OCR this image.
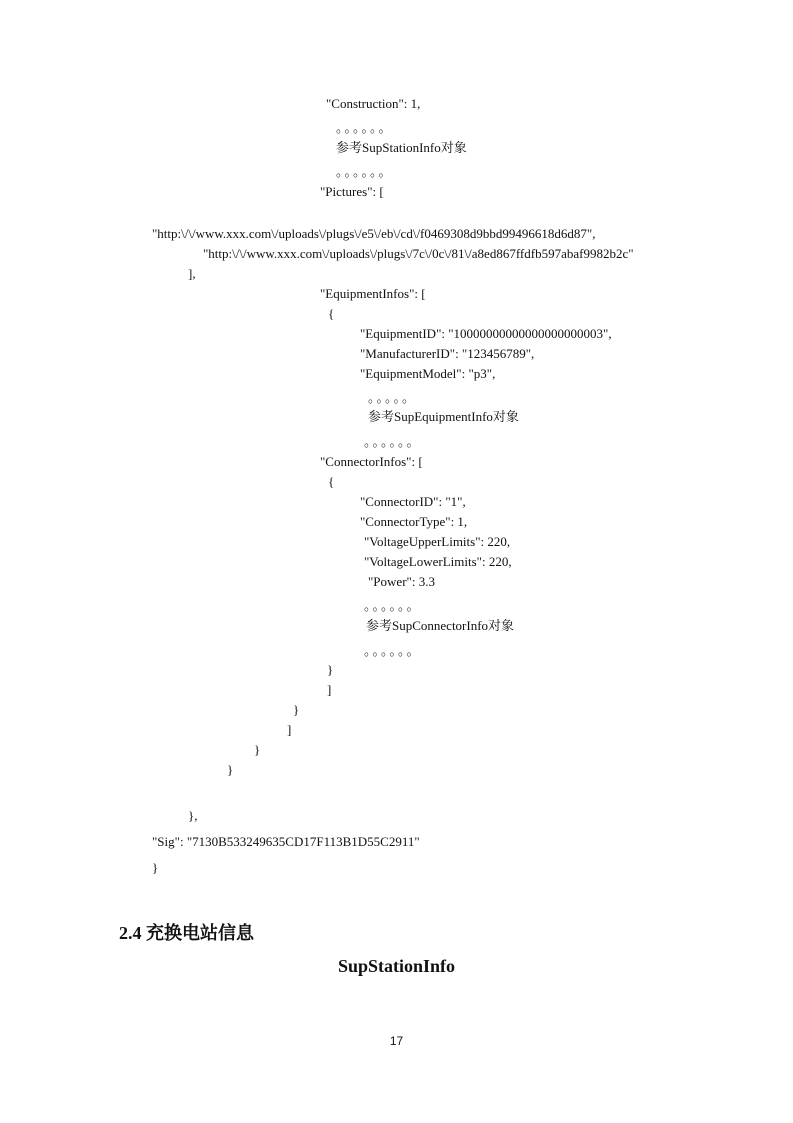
"Construction": 1,
。。。。。。
参考SupStationInfo对象
。。。。。。
"Pictures": [
"http:\/\/www.xxx.com\/uploads\/plugs\/e5\/eb\/cd\/f0469308d9bbd99496618d6d87",
"http:\/\/www.xxx.com\/uploads\/plugs\/7c\/0c\/81\/a8ed867ffdfb597abaf9982b2c"
],
"EquipmentInfos": [
{
"EquipmentID": "10000000000000000000003",
"ManufacturerID": "123456789",
"EquipmentModel": "p3",
。。。。。
参考SupEquipmentInfo对象
。。。。。。
"ConnectorInfos": [
{
"ConnectorID": "1",
"ConnectorType": 1,
"VoltageUpperLimits": 220,
"VoltageLowerLimits": 220,
"Power": 3.3
。。。。。。
参考SupConnectorInfo对象
。。。。。。
}
]
}
]
}
}
},
"Sig": "7130B533249635CD17F113B1D55C2911"
}
2.4 充换电站信息
SupStationInfo
17
